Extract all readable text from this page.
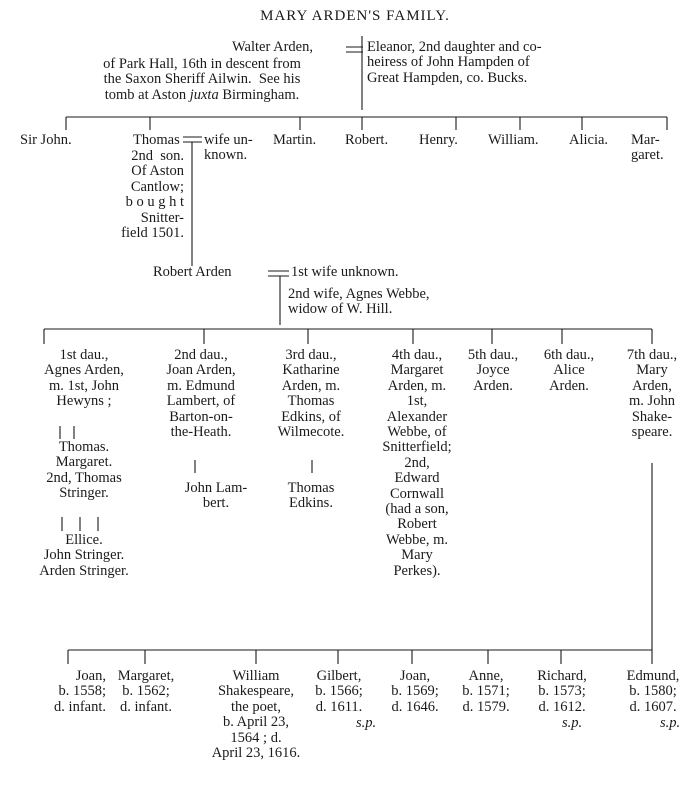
MARY ARDEN'S FAMILY.
Walter Arden,
of Park Hall, 16th in descent from
the Saxon Sheriff Ailwin.  See his
tomb at Aston juxta Birmingham.
Eleanor, 2nd daughter and co-
heiress of John Hampden of
Great Hampden, co. Bucks.
Sir John.	Thomas
2nd  son.
Of Aston
Cantlow;
b o u g h t
Snitter-
field 1501.
wife un-
known.
Martin. Robert. Henry. William. Alicia. Mar-
garet.
Robert Arden	1st wife unknown.
2nd wife, Agnes Webbe,
widow of W. Hill.
1st dau.,
Agnes Arden,
m. 1st, John
Hewyns ;
Thomas.
Margaret.
2nd, Thomas
Stringer.
Ellice.
John Stringer.
Arden Stringer.
2nd dau.,
Joan Arden,
m. Edmund
Lambert, of
Barton-on-
the-Heath.
John Lam-
bert.
3rd dau.,
Katharine
Arden, m.
Thomas
Edkins, of
Wilmecote.
Thomas
Edkins.
4th dau.,
Margaret
Arden, m.
1st,
Alexander
Webbe, of
Snitterfield;
2nd,
Edward
Cornwall
(had a son,
Robert
Webbe, m.
Mary
Perkes).
5th dau.,
Joyce
Arden.
6th dau.,
Alice
Arden.
7th dau.,
Mary
Arden,
m. John
Shake-
speare.
Joan,
b. 1558;
d. infant.
Margaret,
b. 1562;
d. infant.
William
Shakespeare,
the poet,
b. April 23,
1564 ; d.
April 23, 1616.
Gilbert,
b. 1566;
d. 1611.
s.p.
Joan,
b. 1569;
d. 1646.
Anne,
b. 1571;
d. 1579.
Richard,
b. 1573;
d. 1612.
s.p.
Edmund,
b. 1580;
d. 1607.
s.p.
